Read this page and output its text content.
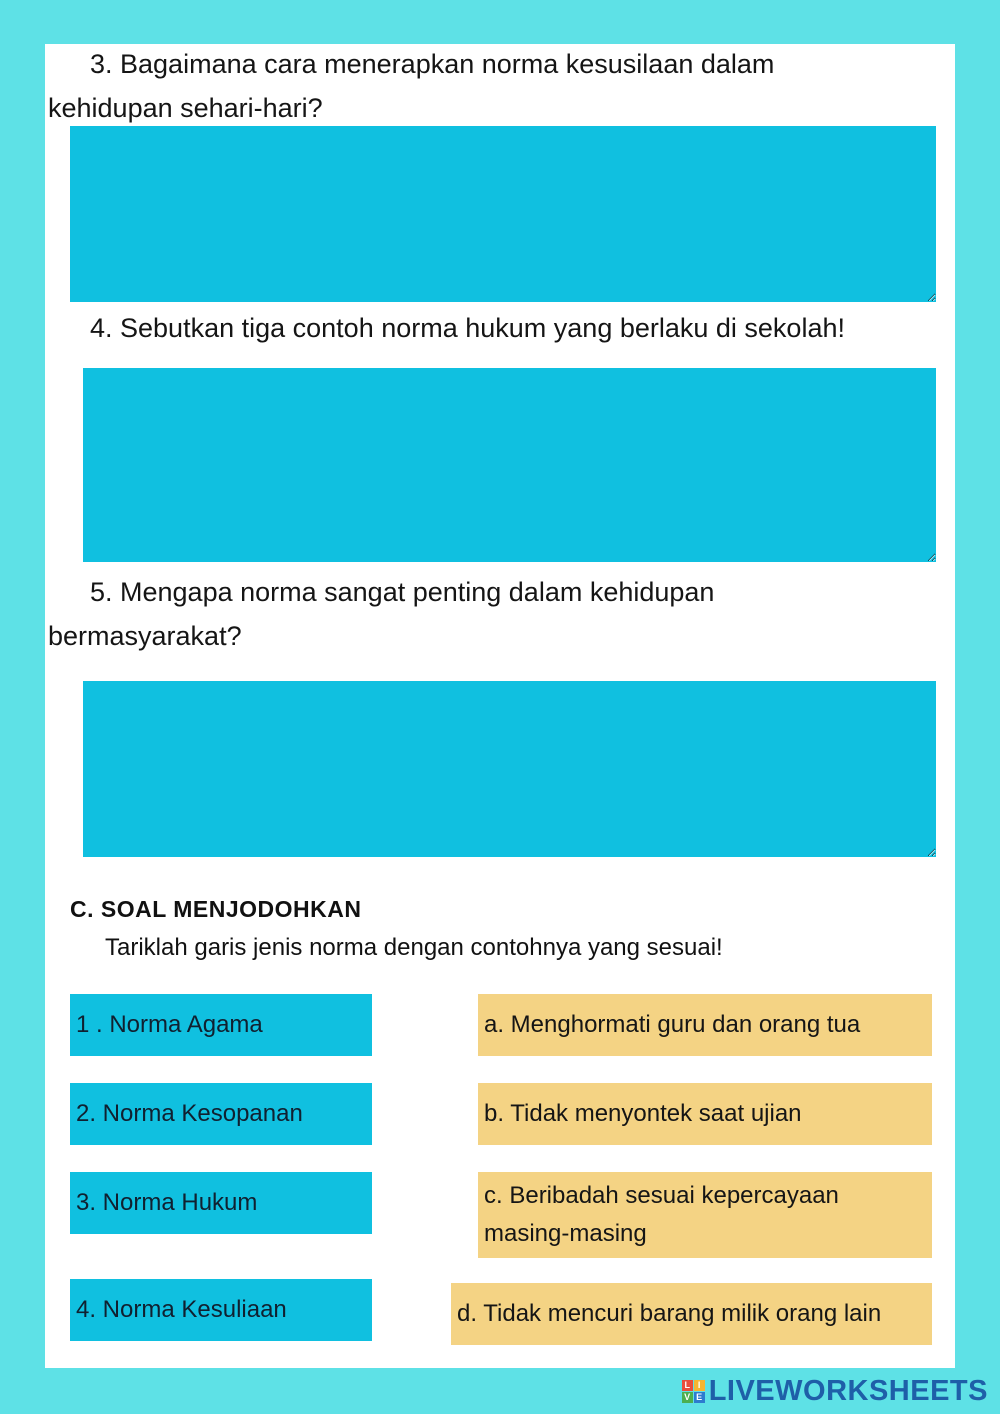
3. Bagaimana cara menerapkan norma kesusilaan dalam

kehidupan sehari-hari?

4. Sebutkan tiga contoh norma hukum yang berlaku di sekolah!

5. Mengapa norma sangat penting dalam kehidupan

bermasyarakat?

C. SOAL MENJODOHKAN

Tariklah garis jenis norma dengan contohnya yang sesuai!

1 . Norma Agama
2. Norma Kesopanan
3. Norma Hukum
4. Norma Kesuliaan
a. Menghormati guru dan orang tua
b. Tidak menyontek saat ujian
c. Beribadah sesuai kepercayaan masing-masing
d. Tidak mencuri barang milik orang lain
L I
V E LIVEWORKSHEETS
